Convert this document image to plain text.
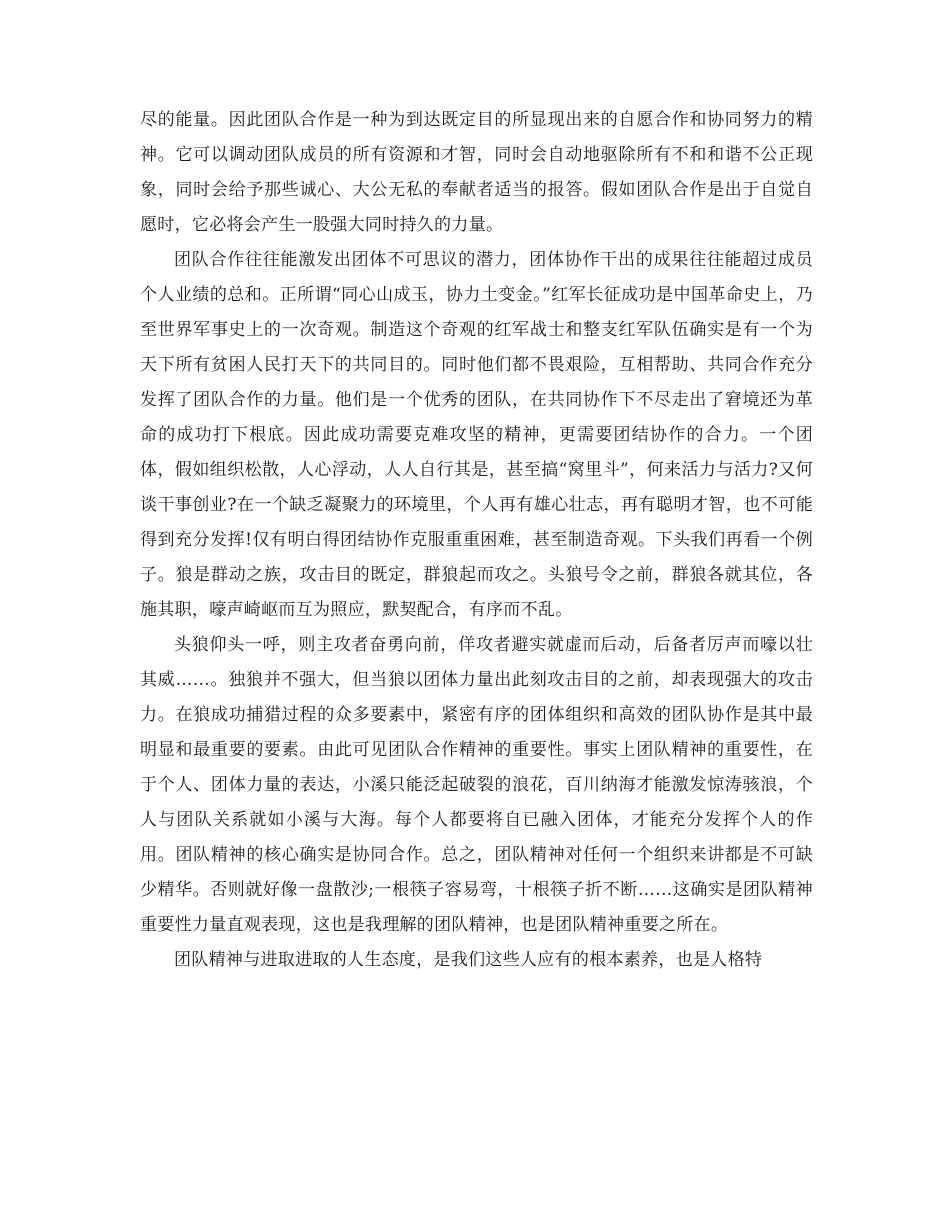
尽的能量。因此团队合作是一种为到达既定目的所显现出来的自愿合作和协同努力的精神。它可以调动团队成员的所有资源和才智，同时会自动地驱除所有不和和谐不公正现象，同时会给予那些诚心、大公无私的奉献者适当的报答。假如团队合作是出于自觉自愿时，它必将会产生一股强大同时持久的力量。

团队合作往往能激发出团体不可思议的潜力，团体协作干出的成果往往能超过成员个人业绩的总和。正所谓“同心山成玉，协力土变金。”红军长征成功是中国革命史上，乃至世界军事史上的一次奇观。制造这个奇观的红军战士和整支红军队伍确实是有一个为天下所有贫困人民打天下的共同目的。同时他们都不畏艰险，互相帮助、共同合作充分发挥了团队合作的力量。他们是一个优秀的团队，在共同协作下不尽走出了窘境还为革命的成功打下根底。因此成功需要克难攻坚的精神，更需要团结协作的合力。一个团体，假如组织松散，人心浮动，人人自行其是，甚至搞“窝里斗”，何来活力与活力?又何谈干事创业?在一个缺乏凝聚力的环境里，个人再有雄心壮志，再有聪明才智，也不可能得到充分发挥!仅有明白得团结协作克服重重困难，甚至制造奇观。下头我们再看一个例子。狼是群动之族，攻击目的既定，群狼起而攻之。头狼号令之前，群狼各就其位，各施其职，嚎声崎岖而互为照应，默契配合，有序而不乱。

头狼仰头一呼，则主攻者奋勇向前，佯攻者避实就虚而后动，后备者厉声而嚎以壮其威……。独狼并不强大，但当狼以团体力量出此刻攻击目的之前，却表现强大的攻击力。在狼成功捕猎过程的众多要素中，紧密有序的团体组织和高效的团队协作是其中最明显和最重要的要素。由此可见团队合作精神的重要性。事实上团队精神的重要性，在于个人、团体力量的表达，小溪只能泛起破裂的浪花，百川纳海才能激发惊涛骇浪，个人与团队关系就如小溪与大海。每个人都要将自已融入团体，才能充分发挥个人的作用。团队精神的核心确实是协同合作。总之，团队精神对任何一个组织来讲都是不可缺少精华。否则就好像一盘散沙;一根筷子容易弯，十根筷子折不断……这确实是团队精神重要性力量直观表现，这也是我理解的团队精神，也是团队精神重要之所在。

团队精神与进取进取的人生态度，是我们这些人应有的根本素养，也是人格特
